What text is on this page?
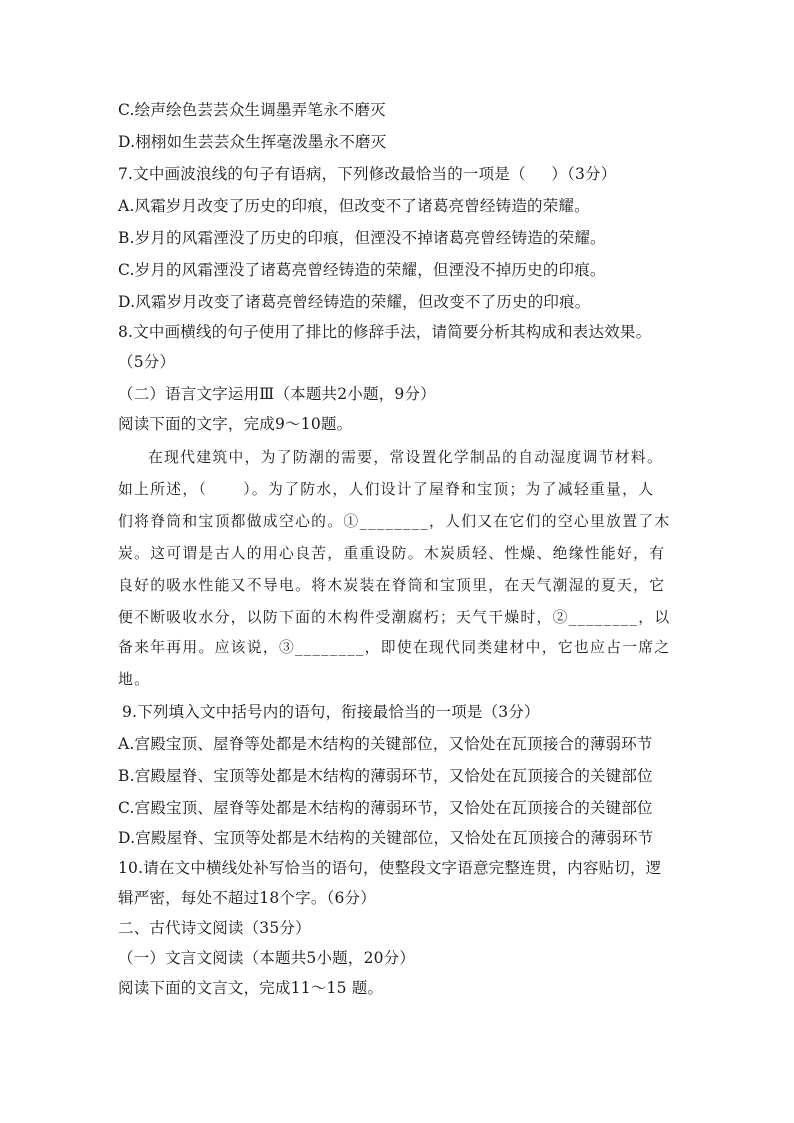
C.绘声绘色芸芸众生调墨弄笔永不磨灭
D.栩栩如生芸芸众生挥毫泼墨永不磨灭
7.文中画波浪线的句子有语病，下列修改最恰当的一项是（     ）（3分）
A.风霜岁月改变了历史的印痕，但改变不了诸葛亮曾经铸造的荣耀。
B.岁月的风霜湮没了历史的印痕，但湮没不掉诸葛亮曾经铸造的荣耀。
C.岁月的风霜湮没了诸葛亮曾经铸造的荣耀，但湮没不掉历史的印痕。
D.风霜岁月改变了诸葛亮曾经铸造的荣耀，但改变不了历史的印痕。
8.文中画横线的句子使用了排比的修辞手法，请简要分析其构成和表达效果。
（5分）
（二）语言文字运用Ⅲ（本题共2小题，9分）
阅读下面的文字，完成9～10题。
在现代建筑中，为了防潮的需要，常设置化学制品的自动湿度调节材料。
如上所述，（      ）。为了防水，人们设计了屋脊和宝顶；为了减轻重量，人
们将脊筒和宝顶都做成空心的。①________，人们又在它们的空心里放置了木
炭。这可谓是古人的用心良苦，重重设防。木炭质轻、性燥、绝缘性能好，有
良好的吸水性能又不导电。将木炭装在脊筒和宝顶里，在天气潮湿的夏天，它
便不断吸收水分，以防下面的木构件受潮腐朽；天气干燥时，②________，以
备来年再用。应该说，③________，即使在现代同类建材中，它也应占一席之
地。
9.下列填入文中括号内的语句，衔接最恰当的一项是（3分）
A.宫殿宝顶、屋脊等处都是木结构的关键部位，又恰处在瓦顶接合的薄弱环节
B.宫殿屋脊、宝顶等处都是木结构的薄弱环节，又恰处在瓦顶接合的关键部位
C.宫殿宝顶、屋脊等处都是木结构的薄弱环节，又恰处在瓦顶接合的关键部位
D.宫殿屋脊、宝顶等处都是木结构的关键部位，又恰处在瓦顶接合的薄弱环节
10.请在文中横线处补写恰当的语句，使整段文字语意完整连贯，内容贴切，逻
辑严密，每处不超过18个字。（6分）
二、古代诗文阅读（35分）
（一）文言文阅读（本题共5小题，20分）
阅读下面的文言文，完成11～15 题。
